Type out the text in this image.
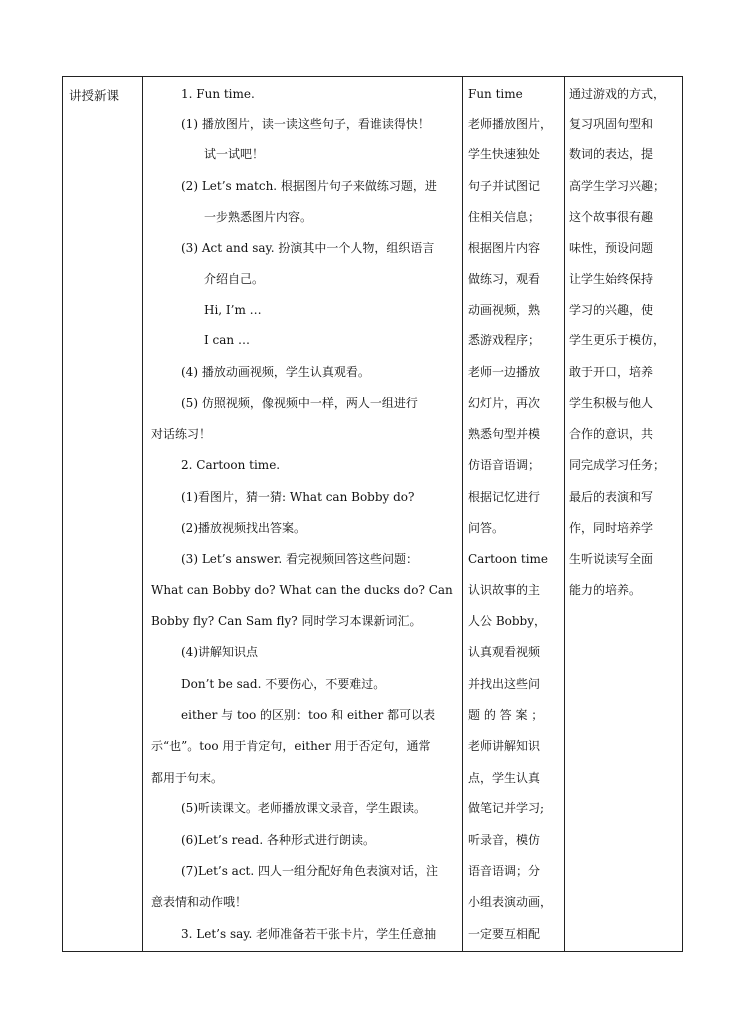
讲授新课	1. Fun time.
(1) 播放图片，读一读这些句子，看谁读得快！
试一试吧！
(2) Let’s match. 根据图片句子来做练习题，进
一步熟悉图片内容。
(3) Act and say. 扮演其中一个人物，组织语言
介绍自己。
Hi, I’m …
I can …
(4) 播放动画视频，学生认真观看。
(5) 仿照视频，像视频中一样，两人一组进行
对话练习！
2. Cartoon time.
(1)看图片，猜一猜: What can Bobby do?
(2)播放视频找出答案。
(3) Let’s answer. 看完视频回答这些问题：
What can Bobby do? What can the ducks do? Can
Bobby fly? Can Sam fly? 同时学习本课新词汇。
(4)讲解知识点
Don’t be sad. 不要伤心，不要难过。
either 与 too 的区别：too 和 either 都可以表
示“也”。too 用于肯定句，either 用于否定句，通常
都用于句末。
(5)听读课文。老师播放课文录音，学生跟读。
(6)Let’s read. 各种形式进行朗读。
(7)Let’s act. 四人一组分配好角色表演对话，注
意表情和动作哦！
3. Let’s say. 老师准备若干张卡片，学生任意抽

Fun time
老师播放图片，
学生快速独处
句子并试图记
住相关信息；
根据图片内容
做练习，观看
动画视频，熟
悉游戏程序；
老师一边播放
幻灯片，再次
熟悉句型并模
仿语音语调；
根据记忆进行
问答。
Cartoon time
认识故事的主
人公 Bobby，
认真观看视频
并找出这些问
题 的 答 案 ；
老师讲解知识
点，学生认真
做笔记并学习;
听录音，模仿
语音语调；分
小组表演动画，
一定要互相配

通过游戏的方式，
复习巩固句型和
数词的表达，提
高学生学习兴趣；
这个故事很有趣
味性，预设问题
让学生始终保持
学习的兴趣，使
学生更乐于模仿，
敢于开口，培养
学生积极与他人
合作的意识，共
同完成学习任务；
最后的表演和写
作，同时培养学
生听说读写全面
能力的培养。
